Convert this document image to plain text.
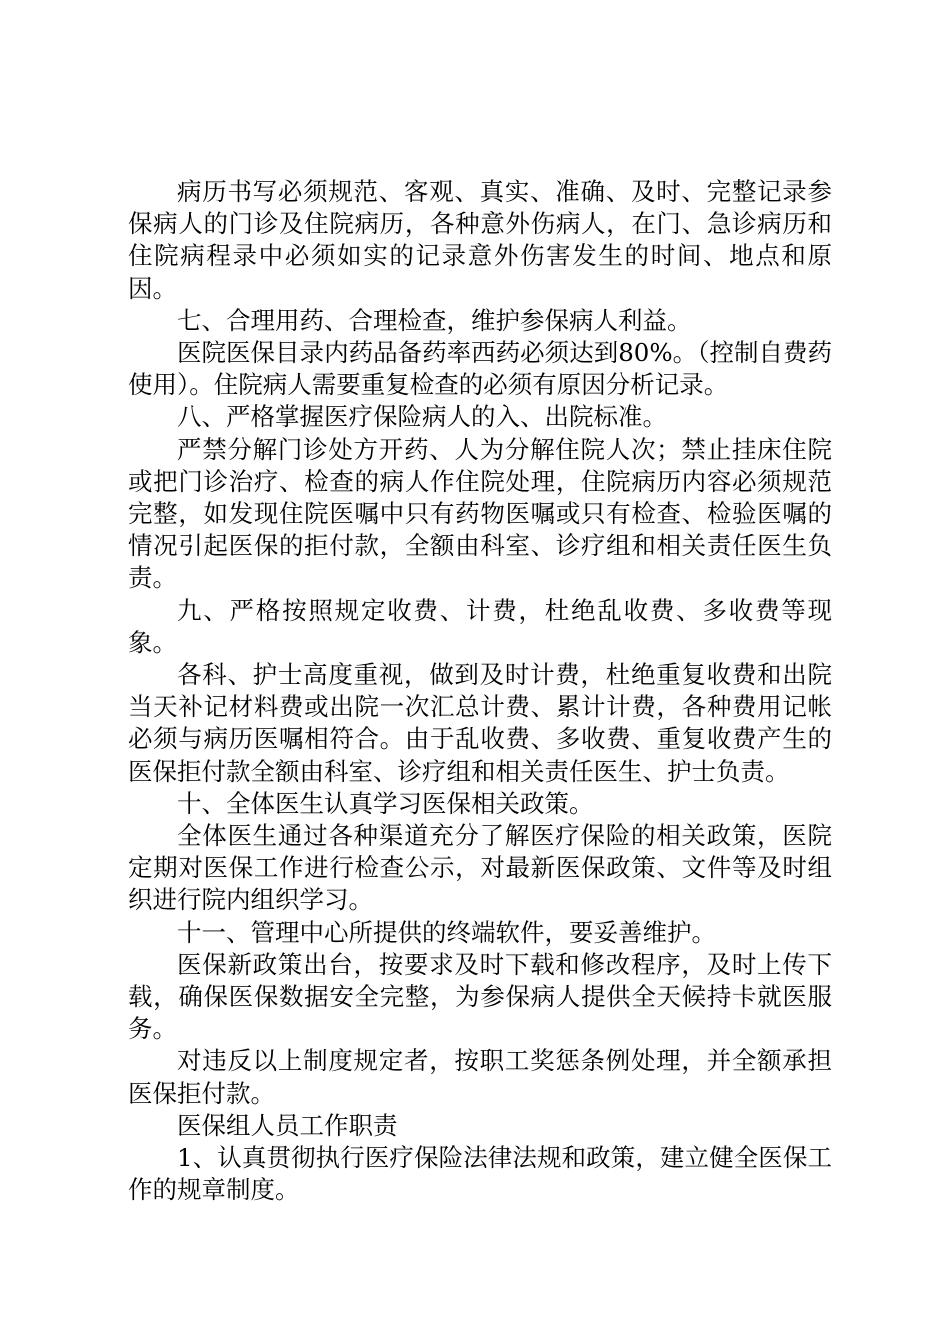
病历书写必须规范、客观、真实、准确、及时、完整记录参保病人的门诊及住院病历，各种意外伤病人，在门、急诊病历和住院病程录中必须如实的记录意外伤害发生的时间、地点和原因。

七、合理用药、合理检查，维护参保病人利益。

医院医保目录内药品备药率西药必须达到80%。（控制自费药使用）。住院病人需要重复检查的必须有原因分析记录。

八、严格掌握医疗保险病人的入、出院标准。

严禁分解门诊处方开药、人为分解住院人次；禁止挂床住院或把门诊治疗、检查的病人作住院处理，住院病历内容必须规范完整，如发现住院医嘱中只有药物医嘱或只有检查、检验医嘱的情况引起医保的拒付款，全额由科室、诊疗组和相关责任医生负责。

九、严格按照规定收费、计费，杜绝乱收费、多收费等现象。

各科、护士高度重视，做到及时计费，杜绝重复收费和出院当天补记材料费或出院一次汇总计费、累计计费，各种费用记帐必须与病历医嘱相符合。由于乱收费、多收费、重复收费产生的医保拒付款全额由科室、诊疗组和相关责任医生、护士负责。

十、全体医生认真学习医保相关政策。

全体医生通过各种渠道充分了解医疗保险的相关政策，医院定期对医保工作进行检查公示，对最新医保政策、文件等及时组织进行院内组织学习。

十一、管理中心所提供的终端软件，要妥善维护。

医保新政策出台，按要求及时下载和修改程序，及时上传下载，确保医保数据安全完整，为参保病人提供全天候持卡就医服务。

对违反以上制度规定者，按职工奖惩条例处理，并全额承担医保拒付款。

医保组人员工作职责

1、认真贯彻执行医疗保险法律法规和政策，建立健全医保工作的规章制度。
